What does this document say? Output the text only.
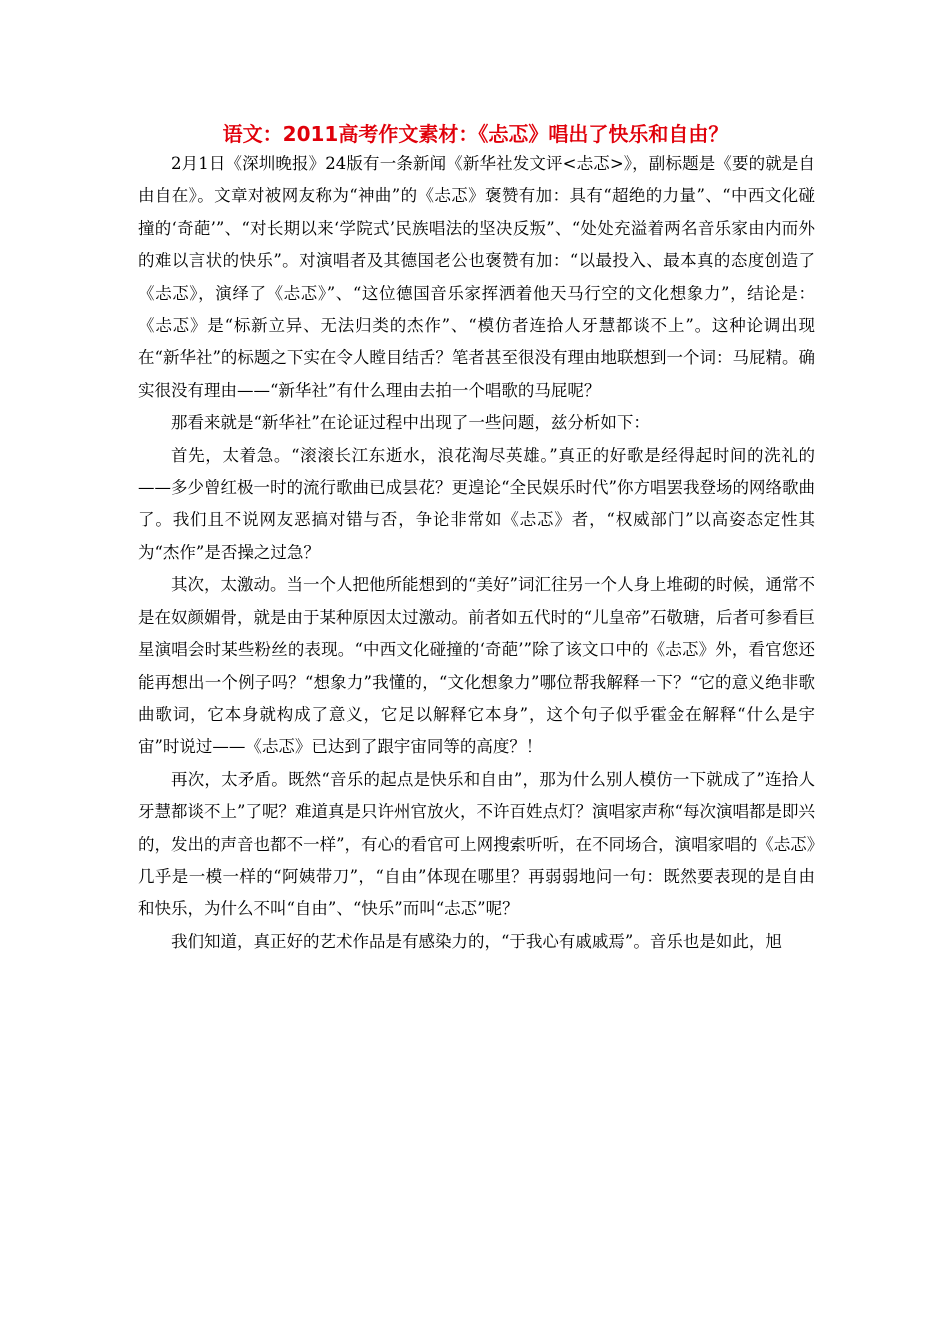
语文：2011高考作文素材：《忐忑》唱出了快乐和自由？

2月1日《深圳晚报》24版有一条新闻《新华社发文评<忐忑>》，副标题是《要的就是自由自在》。文章对被网友称为“神曲”的《忐忑》褒赞有加：具有“超绝的力量”、“中西文化碰撞的‘奇葩’”、“对长期以来‘学院式’民族唱法的坚决反叛”、“处处充溢着两名音乐家由内而外的难以言状的快乐”。对演唱者及其德国老公也褒赞有加：“以最投入、最本真的态度创造了《忐忑》，演绎了《忐忑》”、“这位德国音乐家挥洒着他天马行空的文化想象力”，结论是：《忐忑》是“标新立异、无法归类的杰作”、“模仿者连拾人牙慧都谈不上”。这种论调出现在“新华社”的标题之下实在令人瞠目结舌？笔者甚至很没有理由地联想到一个词：马屁精。确实很没有理由——“新华社”有什么理由去拍一个唱歌的马屁呢？

那看来就是“新华社”在论证过程中出现了一些问题，兹分析如下：

首先，太着急。“滚滚长江东逝水，浪花淘尽英雄。”真正的好歌是经得起时间的洗礼的——多少曾红极一时的流行歌曲已成昙花？更遑论“全民娱乐时代”你方唱罢我登场的网络歌曲了。我们且不说网友恶搞对错与否，争论非常如《忐忑》者，“权威部门”以高姿态定性其为“杰作”是否操之过急？

其次，太激动。当一个人把他所能想到的“美好”词汇往另一个人身上堆砌的时候，通常不是在奴颜媚骨，就是由于某种原因太过激动。前者如五代时的“儿皇帝”石敬瑭，后者可参看巨星演唱会时某些粉丝的表现。“中西文化碰撞的‘奇葩’”除了该文口中的《忐忑》外，看官您还能再想出一个例子吗？“想象力”我懂的，“文化想象力”哪位帮我解释一下？“它的意义绝非歌曲歌词，它本身就构成了意义，它足以解释它本身”，这个句子似乎霍金在解释“什么是宇宙”时说过——《忐忑》已达到了跟宇宙同等的高度？！

再次，太矛盾。既然“音乐的起点是快乐和自由”，那为什么别人模仿一下就成了”连拾人牙慧都谈不上”了呢？难道真是只许州官放火，不许百姓点灯？演唱家声称“每次演唱都是即兴的，发出的声音也都不一样”，有心的看官可上网搜索听听，在不同场合，演唱家唱的《忐忑》几乎是一模一样的“阿姨带刀”，“自由”体现在哪里？再弱弱地问一句：既然要表现的是自由和快乐，为什么不叫“自由”、“快乐”而叫“忐忑”呢？

我们知道，真正好的艺术作品是有感染力的，“于我心有戚戚焉”。音乐也是如此，旭
